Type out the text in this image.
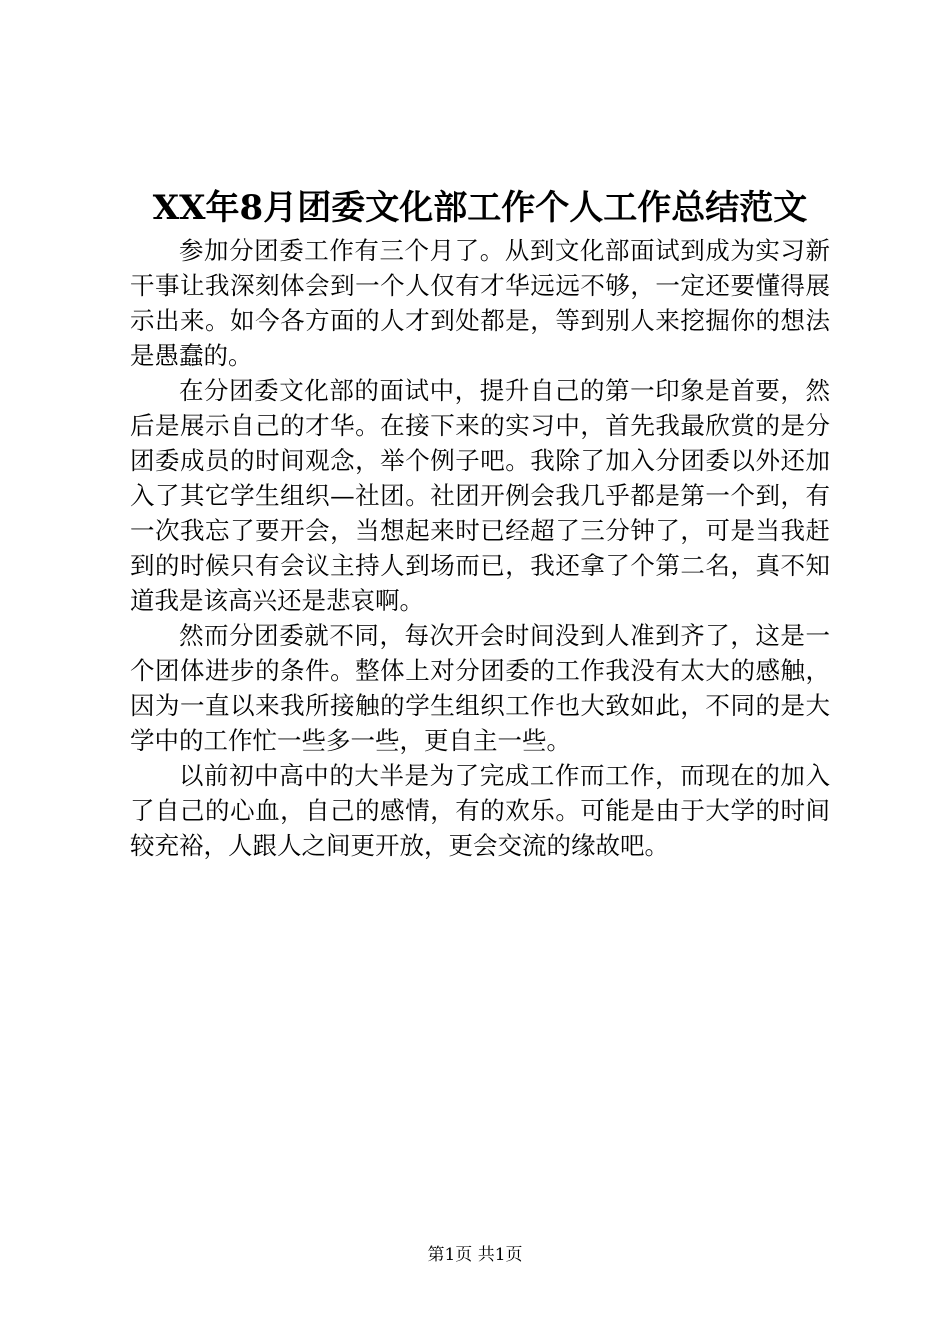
XX年8月团委文化部工作个人工作总结范文

参加分团委工作有三个月了。从到文化部面试到成为实习新干事让我深刻体会到一个人仅有才华远远不够，一定还要懂得展示出来。如今各方面的人才到处都是，等到别人来挖掘你的想法是愚蠢的。

在分团委文化部的面试中，提升自己的第一印象是首要，然后是展示自己的才华。在接下来的实习中，首先我最欣赏的是分团委成员的时间观念，举个例子吧。我除了加入分团委以外还加入了其它学生组织—社团。社团开例会我几乎都是第一个到，有一次我忘了要开会，当想起来时已经超了三分钟了，可是当我赶到的时候只有会议主持人到场而已，我还拿了个第二名，真不知道我是该高兴还是悲哀啊。

然而分团委就不同，每次开会时间没到人准到齐了，这是一个团体进步的条件。整体上对分团委的工作我没有太大的感触，因为一直以来我所接触的学生组织工作也大致如此，不同的是大学中的工作忙一些多一些，更自主一些。

以前初中高中的大半是为了完成工作而工作，而现在的加入了自己的心血，自己的感情，有的欢乐。可能是由于大学的时间较充裕，人跟人之间更开放，更会交流的缘故吧。

第1页 共1页
